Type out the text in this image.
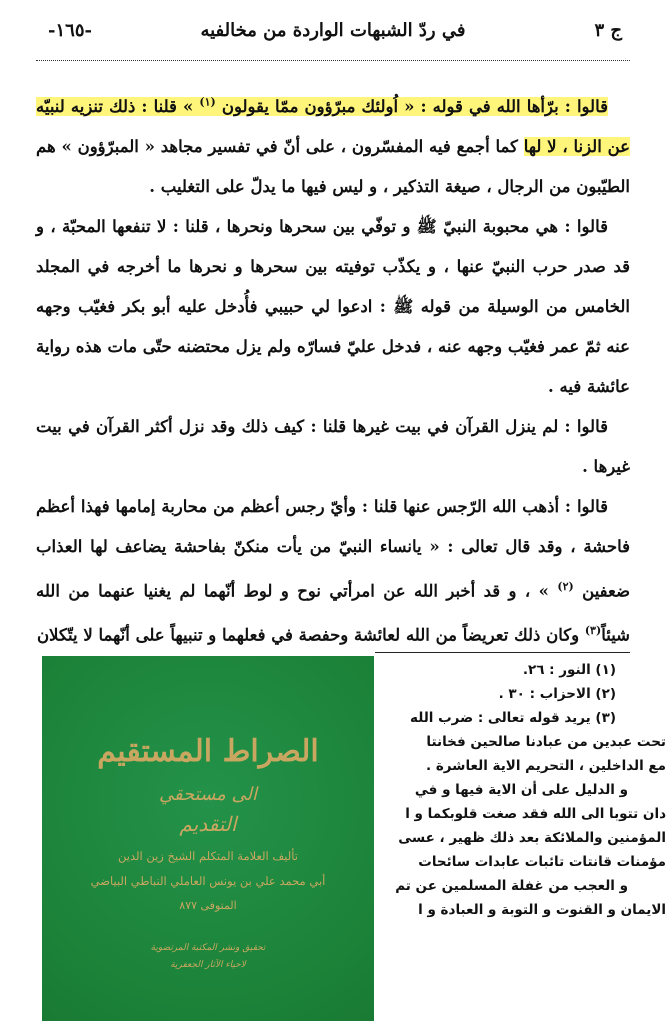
ج ٣
في ردّ الشبهات الواردة من مخالفيه
-١٦٥-

قالوا : برّأها الله في قوله : « اُولئك مبرّؤون ممّا يقولون $^{(١)}$ » قلنا : ذلك تنزيه لنبيّه عن الزنا ، لا لها كما أجمع فيه المفسّرون ، على أنّ في تفسير مجاهد « المبرّؤون » هم الطيّبون من الرجال ، صيغة التذكير ، و ليس فيها ما يدلّ على التغليب .

قالوا : هي محبوبة النبيّ ﷺ و توفّي بين سحرها ونحرها ، قلنا : لا تنفعها المحبّة ، و قد صدر حرب النبيّ عنها ، و يكذّب توفيته بين سحرها و نحرها ما أخرجه في المجلد الخامس من الوسيلة من قوله ﷺ : ادعوا لي حبيبي فأُدخل عليه أبو بكر فغيّب وجهه عنه ثمّ عمر فغيّب وجهه عنه ، فدخل عليّ فسارّه ولم يزل محتضنه حتّى مات هذه رواية عائشة فيه .

قالوا : لم ينزل القرآن في بيت غيرها قلنا : كيف ذلك وقد نزل أكثر القرآن في بيت غيرها .

قالوا : أذهب الله الرّجس عنها قلنا : وأيّ رجس أعظم من محاربة إمامها فهذا أعظم فاحشة ، وقد قال تعالى : « يانساء النبيّ من يأت منكنّ بفاحشة يضاعف لها العذاب ضعفين $^{(٢)}$ » ، و قد أخبر الله عن امرأتي نوح و لوط أنّهما لم يغنيا عنهما من الله شيئاً$^{(٣)}$ وكان ذلك تعريضاً من الله لعائشة وحفصة في فعلهما و تنبيهاً على أنّهما لا يتّكلان

(١) النور : ٢٦.
(٢) الاحزاب : ٣٠ .
(٣) يريد قوله تعالى : ضرب الله
تحت عبدين من عبادنا صالحين فخانتا
مع الداخلين ، التحريم الاية العاشرة .
و الدليل على أن الاية فيها و في
دان تتوبا الى الله فقد صغت قلوبكما و ا
المؤمنين والملائكة بعد ذلك ظهير ، عسى
مؤمنات قانتات تائبات عابدات سائحات
و العجب من غفلة المسلمين عن تم
الايمان و القنوت و التوبة و العبادة و ا
الصراط المستقيم
الى مستحقي
التقديم
تأليف العلامة المتكلم الشيخ زين الدين
أبي محمد علي بن يونس العاملي النباطي البياضي
المتوفى ٨٧٧
تحقيق ونشر المكتبة المرتضوية
لاحياء الآثار الجعفرية
